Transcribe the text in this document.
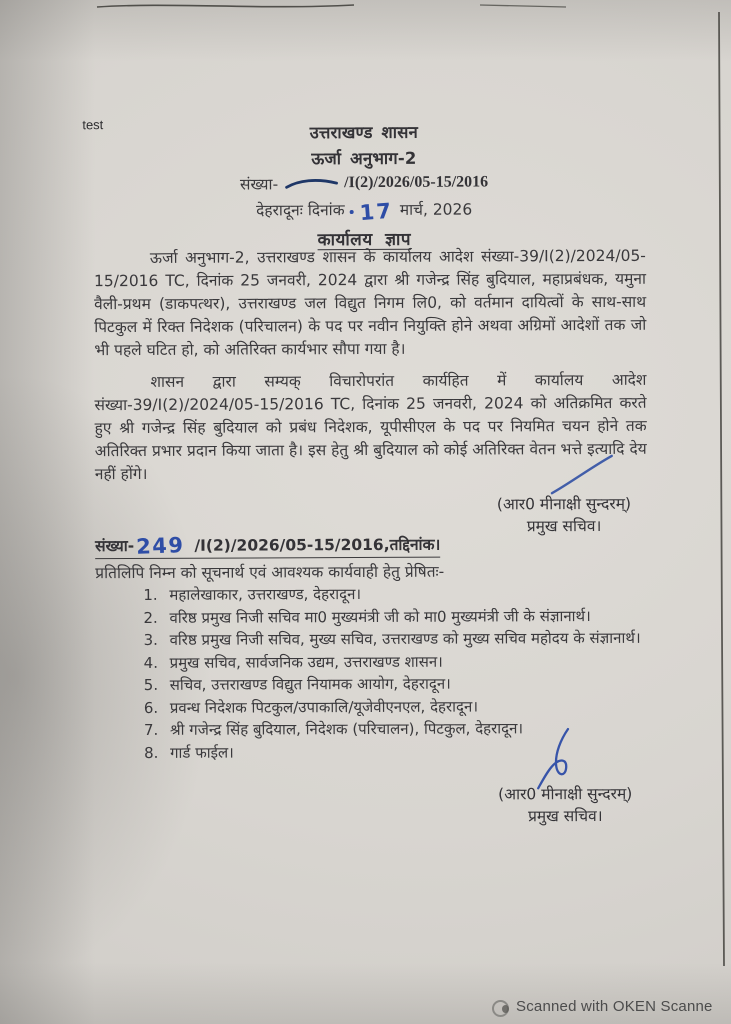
test	उत्तराखण्ड शासन
ऊर्जा अनुभाग-2
संख्या-	/I(2)/2026/05-15/2016
देहरादूनः दिनांक 17 मार्च, 2026
कार्यालय ज्ञाप

ऊर्जा अनुभाग-2, उत्तराखण्ड शासन के कार्यालय आदेश संख्या-39/I(2)/2024/05-15/2016 TC, दिनांक 25 जनवरी, 2024 द्वारा श्री गजेन्द्र सिंह बुदियाल, महाप्रबंधक, यमुना वैली-प्रथम (डाकपत्थर), उत्तराखण्ड जल विद्युत निगम लि0, को वर्तमान दायित्वों के साथ-साथ पिटकुल में रिक्त निदेशक (परिचालन) के पद पर नवीन नियुक्ति होने अथवा अग्रिमों आदेशों तक जो भी पहले घटित हो, को अतिरिक्त कार्यभार सौपा गया है।

शासन द्वारा सम्यक् विचारोपरांत कार्यहित में कार्यालय आदेश संख्या-39/I(2)/2024/05-15/2016 TC, दिनांक 25 जनवरी, 2024 को अतिक्रमित करते हुए श्री गजेन्द्र सिंह बुदियाल को प्रबंध निदेशक, यूपीसीएल के पद पर नियमित चयन होने तक अतिरिक्त प्रभार प्रदान किया जाता है। इस हेतु श्री बुदियाल को कोई अतिरिक्त वेतन भत्ते इत्यादि देय नहीं होंगे।

(आर0 मीनाक्षी सुन्दरम्)
प्रमुख सचिव।
संख्या- 249 /I(2)/2026/05-15/2016,तद्दिनांक।
प्रतिलिपि निम्न को सूचनार्थ एवं आवश्यक कार्यवाही हेतु प्रेषितः-
1. महालेखाकार, उत्तराखण्ड, देहरादून।
2. वरिष्ठ प्रमुख निजी सचिव मा0 मुख्यमंत्री जी को मा0 मुख्यमंत्री जी के संज्ञानार्थ।
3. वरिष्ठ प्रमुख निजी सचिव, मुख्य सचिव, उत्तराखण्ड को मुख्य सचिव महोदय के संज्ञानार्थ।
4. प्रमुख सचिव, सार्वजनिक उद्यम, उत्तराखण्ड शासन।
5. सचिव, उत्तराखण्ड विद्युत नियामक आयोग, देहरादून।
6. प्रवन्ध निदेशक पिटकुल/उपाकालि/यूजेवीएनएल, देहरादून।
7. श्री गजेन्द्र सिंह बुदियाल, निदेशक (परिचालन), पिटकुल, देहरादून।
8. गार्ड फाईल।
(आर0 मीनाक्षी सुन्दरम्)
प्रमुख सचिव।
Scanned with OKEN Scanne
